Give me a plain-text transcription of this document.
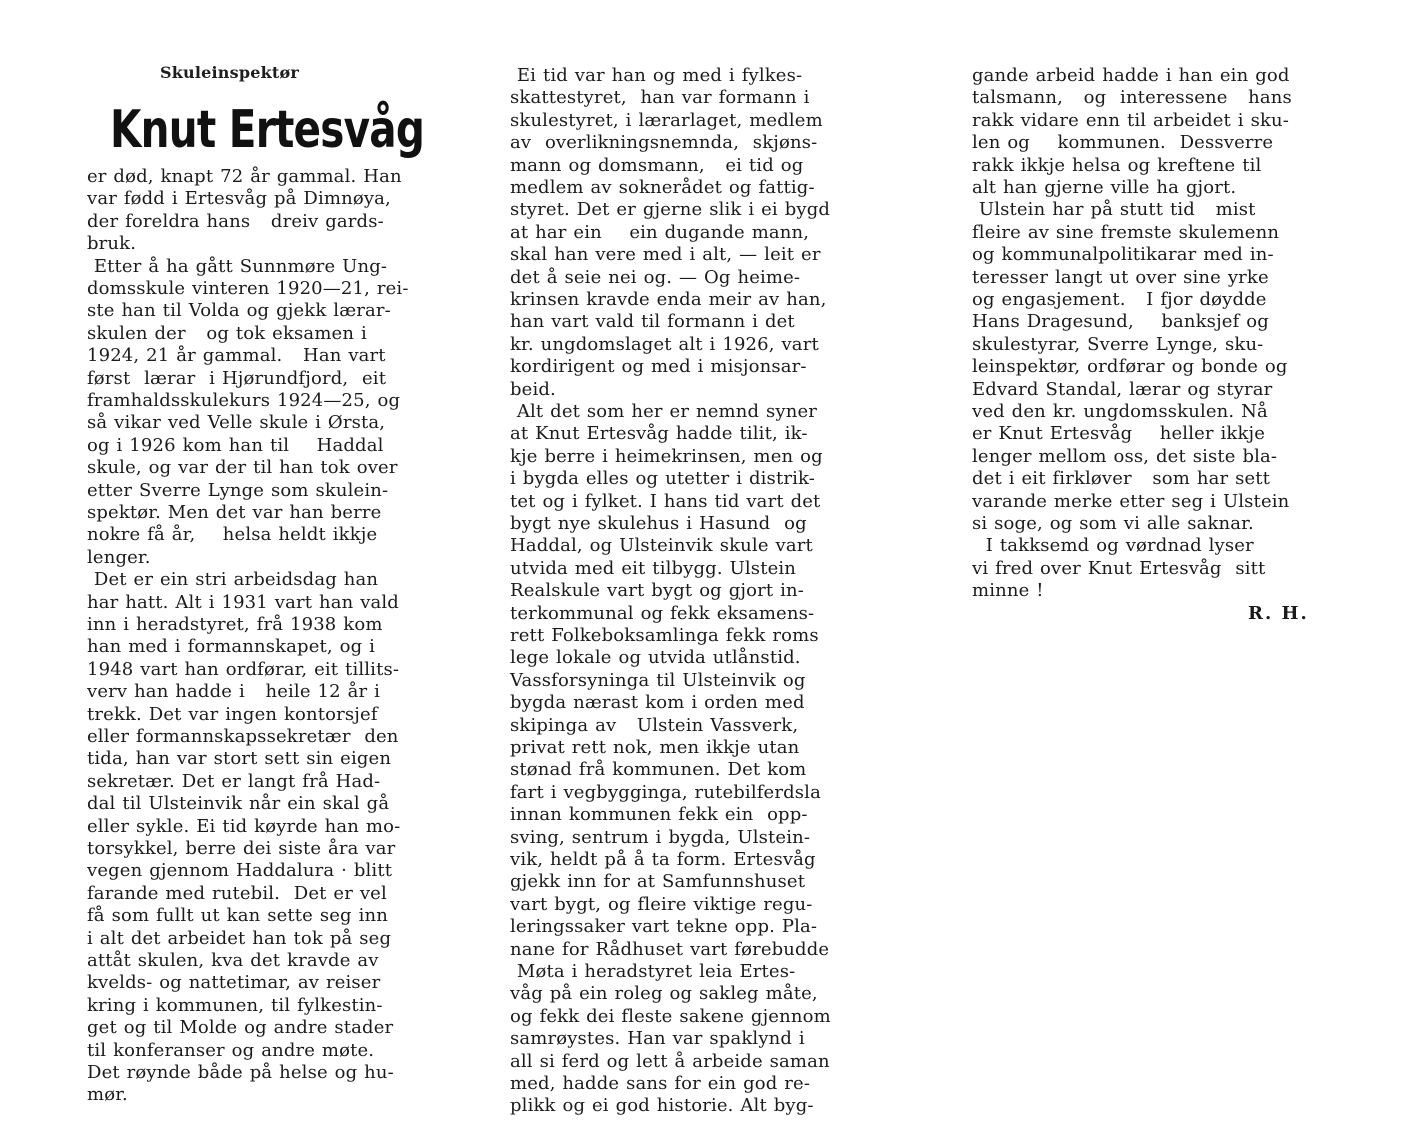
Skuleinspektør
Knut Ertesvåg
er død, knapt 72 år gammal. Han
var fødd i Ertesvåg på Dimnøya,
der foreldra hans   dreiv gards-
bruk.
Etter å ha gått Sunnmøre Ung-
domsskule vinteren 1920—21, rei-
ste han til Volda og gjekk lærar-
skulen der   og tok eksamen i
1924, 21 år gammal.   Han vart
først  lærar  i Hjørundfjord,  eit
framhaldsskulekurs 1924—25, og
så vikar ved Velle skule i Ørsta,
og i 1926 kom han til    Haddal
skule, og var der til han tok over
etter Sverre Lynge som skulein-
spektør. Men det var han berre
nokre få år,    helsa heldt ikkje
lenger.
Det er ein stri arbeidsdag han
har hatt. Alt i 1931 vart han vald
inn i heradstyret, frå 1938 kom
han med i formannskapet, og i
1948 vart han ordførar, eit tillits-
verv han hadde i   heile 12 år i
trekk. Det var ingen kontorsjef
eller formannskapssekretær  den
tida, han var stort sett sin eigen
sekretær. Det er langt frå Had-
dal til Ulsteinvik når ein skal gå
eller sykle. Ei tid køyrde han mo-
torsykkel, berre dei siste åra var
vegen gjennom Haddalura · blitt
farande med rutebil.  Det er vel
få som fullt ut kan sette seg inn
i alt det arbeidet han tok på seg
attåt skulen, kva det kravde av
kvelds- og nattetimar, av reiser
kring i kommunen, til fylkestin-
get og til Molde og andre stader
til konferanser og andre møte.
Det røynde både på helse og hu-
mør.
Ei tid var han og med i fylkes-
skattestyret,  han var formann i
skulestyret, i lærarlaget, medlem
av  overlikningsnemnda,  skjøns-
mann og domsmann,   ei tid og
medlem av soknerådet og fattig-
styret. Det er gjerne slik i ei bygd
at har ein    ein dugande mann,
skal han vere med i alt, — leit er
det å seie nei og. — Og heime-
krinsen kravde enda meir av han,
han vart vald til formann i det
kr. ungdomslaget alt i 1926, vart
kordirigent og med i misjonsar-
beid.
Alt det som her er nemnd syner
at Knut Ertesvåg hadde tilit, ik-
kje berre i heimekrinsen, men og
i bygda elles og utetter i distrik-
tet og i fylket. I hans tid vart det
bygt nye skulehus i Hasund  og
Haddal, og Ulsteinvik skule vart
utvida med eit tilbygg. Ulstein
Realskule vart bygt og gjort in-
terkommunal og fekk eksamens-
rett Folkeboksamlinga fekk roms
lege lokale og utvida utlånstid.
Vassforsyninga til Ulsteinvik og
bygda nærast kom i orden med
skipinga av   Ulstein Vassverk,
privat rett nok, men ikkje utan
stønad frå kommunen. Det kom
fart i vegbygginga, rutebilferdsla
innan kommunen fekk ein  opp-
sving, sentrum i bygda, Ulstein-
vik, heldt på å ta form. Ertesvåg
gjekk inn for at Samfunnshuset
vart bygt, og fleire viktige regu-
leringssaker vart tekne opp. Pla-
nane for Rådhuset vart førebudde
Møta i heradstyret leia Ertes-
våg på ein roleg og sakleg måte,
og fekk dei fleste sakene gjennom
samrøystes. Han var spaklynd i
all si ferd og lett å arbeide saman
med, hadde sans for ein god re-
plikk og ei god historie. Alt byg-
gande arbeid hadde i han ein god
talsmann,   og  interessene   hans
rakk vidare enn til arbeidet i sku-
len og    kommunen.  Dessverre
rakk ikkje helsa og kreftene til
alt han gjerne ville ha gjort.
Ulstein har på stutt tid   mist
fleire av sine fremste skulemenn
og kommunalpolitikarar med in-
teresser langt ut over sine yrke
og engasjement.   I fjor døydde
Hans Dragesund,    banksjef og
skulestyrar, Sverre Lynge, sku-
leinspektør, ordførar og bonde og
Edvard Standal, lærar og styrar
ved den kr. ungdomsskulen. Nå
er Knut Ertesvåg    heller ikkje
lenger mellom oss, det siste bla-
det i eit firkløver   som har sett
varande merke etter seg i Ulstein
si soge, og som vi alle saknar.
I takksemd og vørdnad lyser
vi fred over Knut Ertesvåg  sitt
minne !
R. H.
